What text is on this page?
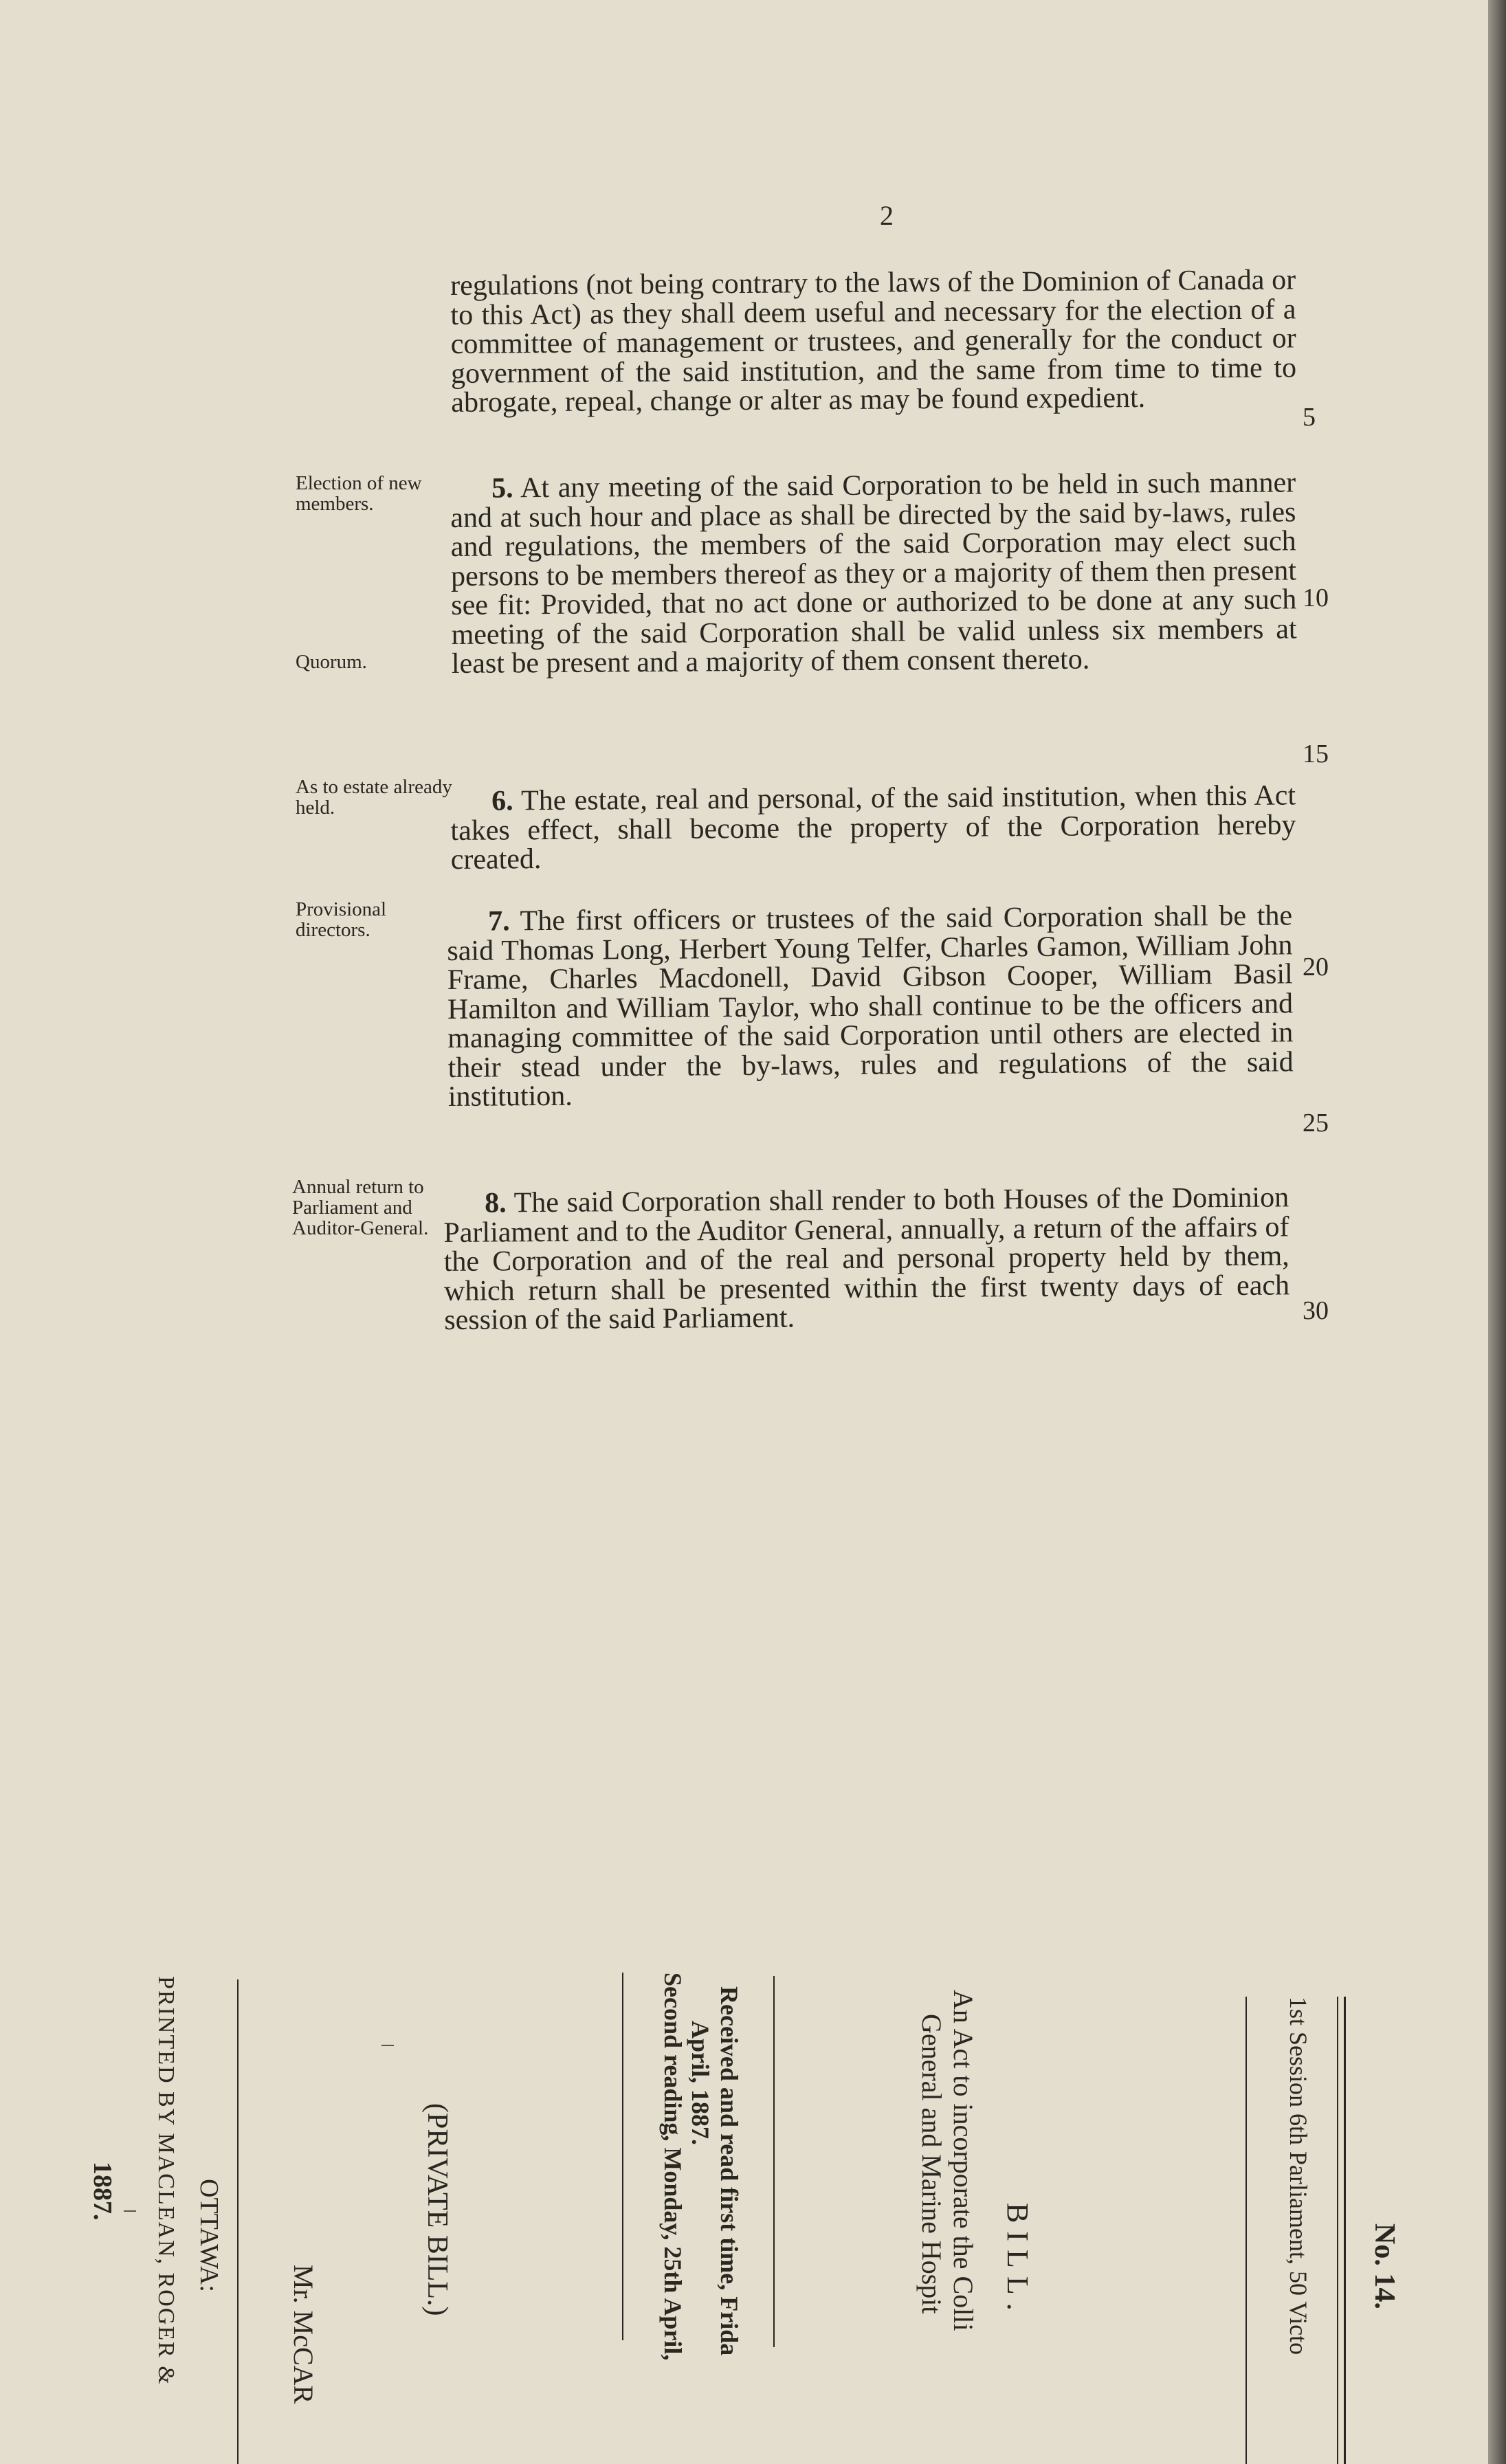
2
regulations (not being contrary to the laws of the Dominion of Canada or to this Act) as they shall deem useful and necessary for the election of a committee of management or trustees, and generally for the conduct or government of the said institution, and the same from time to time to abrogate, repeal, change or alter as may be found expedient.
Election of new members.
Quorum.
5. At any meeting of the said Corporation to be held in such manner and at such hour and place as shall be directed by the said by-laws, rules and regulations, the members of the said Corporation may elect such persons to be members thereof as they or a majority of them then present see fit: Provided, that no act done or authorized to be done at any such meeting of the said Corporation shall be valid unless six members at least be present and a majority of them consent thereto.
As to estate already held.	6. The estate, real and personal, of the said institution, when this Act takes effect, shall become the property of the Corporation hereby created.
Provisional directors.	7. The first officers or trustees of the said Corporation shall be the said Thomas Long, Herbert Young Telfer, Charles Gamon, William John Frame, Charles Macdonell, David Gibson Cooper, William Basil Hamilton and William Taylor, who shall continue to be the officers and managing committee of the said Corporation until others are elected in their stead under the by-laws, rules and regulations of the said institution.
Annual return to Parliament and Auditor-General.
8. The said Corporation shall render to both Houses of the Dominion Parliament and to the Auditor General, annually, a return of the affairs of the Corporation and of the real and personal property held by them, which return shall be presented within the first twenty days of each session of the said Parliament.
5
10
15
20
25
30
No. 14.
1st Session 6th Parliament, 50 Victo
BILL.
An Act to incorporate the Colli
General and Marine Hospit
Received and read first time, Frida
April, 1887.
Second reading, Monday, 25th April,
(PRIVATE BILL.)
Mr. McCAR
OTTAWA:
PRINTED BY MACLEAN, ROGER &
1887.
